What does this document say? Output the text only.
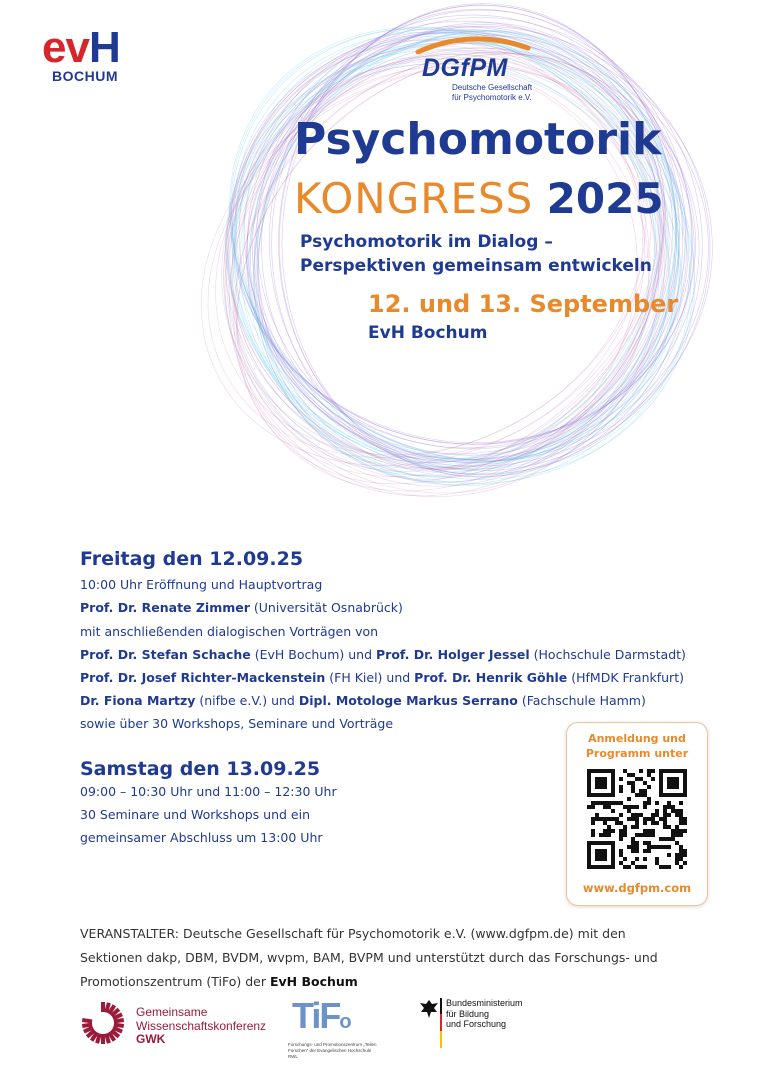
evH
BOCHUM	DGfPM
Deutsche Gesellschaft
für Psychomotorik e.V.
Psychomotorik
KONGRESS 2025
Psychomotorik im Dialog –
Perspektiven gemeinsam entwickeln
12. und 13. September
EvH Bochum
Freitag den 12.09.25
10:00 Uhr Eröffnung und Hauptvortrag
Prof. Dr. Renate Zimmer (Universität Osnabrück)
mit anschließenden dialogischen Vorträgen von
Prof. Dr. Stefan Schache (EvH Bochum) und Prof. Dr. Holger Jessel (Hochschule Darmstadt)
Prof. Dr. Josef Richter-Mackenstein (FH Kiel) und Prof. Dr. Henrik Göhle (HfMDK Frankfurt)
Dr. Fiona Martzy (nifbe e.V.) und Dipl. Motologe Markus Serrano (Fachschule Hamm)
sowie über 30 Workshops, Seminare und Vorträge
Samstag den 13.09.25
09:00 – 10:30 Uhr und 11:00 – 12:30 Uhr
30 Seminare und Workshops und ein
gemeinsamer Abschluss um 13:00 Uhr
Anmeldung und
Programm unter
www.dgfpm.com
VERANSTALTER: Deutsche Gesellschaft für Psychomotorik e.V. (www.dgfpm.de) mit den Sektionen dakp, DBM, BVDM, wvpm, BAM, BVPM und unterstützt durch das Forschungs- und Promotionszentrum (TiFo) der EvH Bochum
Gemeinsame
Wissenschaftskonferenz
GWK
TiFo
Forschungs- und Promotionszentrum „Teilen Forschen“ der Evangelischen Hochschule RWL
Bundesministerium
für Bildung
und Forschung
